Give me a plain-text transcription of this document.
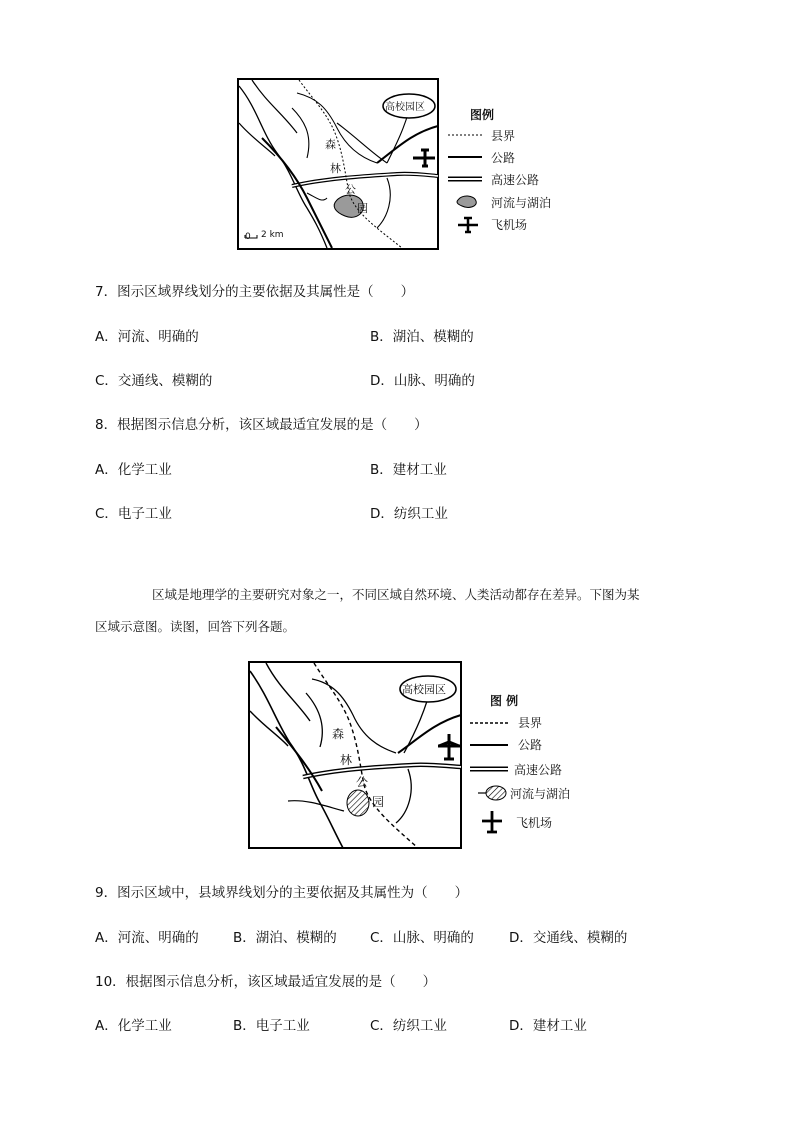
高校园区
森
林
公
园
0 2 km
图例
县界
公路
高速公路
河流与湖泊
飞机场
7．图示区域界线划分的主要依据及其属性是（　　）
A．河流、明确的	B．湖泊、模糊的
C．交通线、模糊的	D．山脉、明确的
8．根据图示信息分析，该区域最适宜发展的是（　　）
A．化学工业	B．建材工业
C．电子工业	D．纺织工业
区域是地理学的主要研究对象之一，不同区域自然环境、人类活动都存在差异。下图为某
区域示意图。读图，回答下列各题。
高校园区
森
林
公
园
图 例
县界
公路
高速公路
河流与湖泊
飞机场
9．图示区域中，县域界线划分的主要依据及其属性为（　　）
A．河流、明确的	B．湖泊、模糊的 C．山脉、明确的	D．交通线、模糊的
10．根据图示信息分析，该区域最适宜发展的是（　　）
A．化学工业	B．电子工业	C．纺织工业	D．建材工业
